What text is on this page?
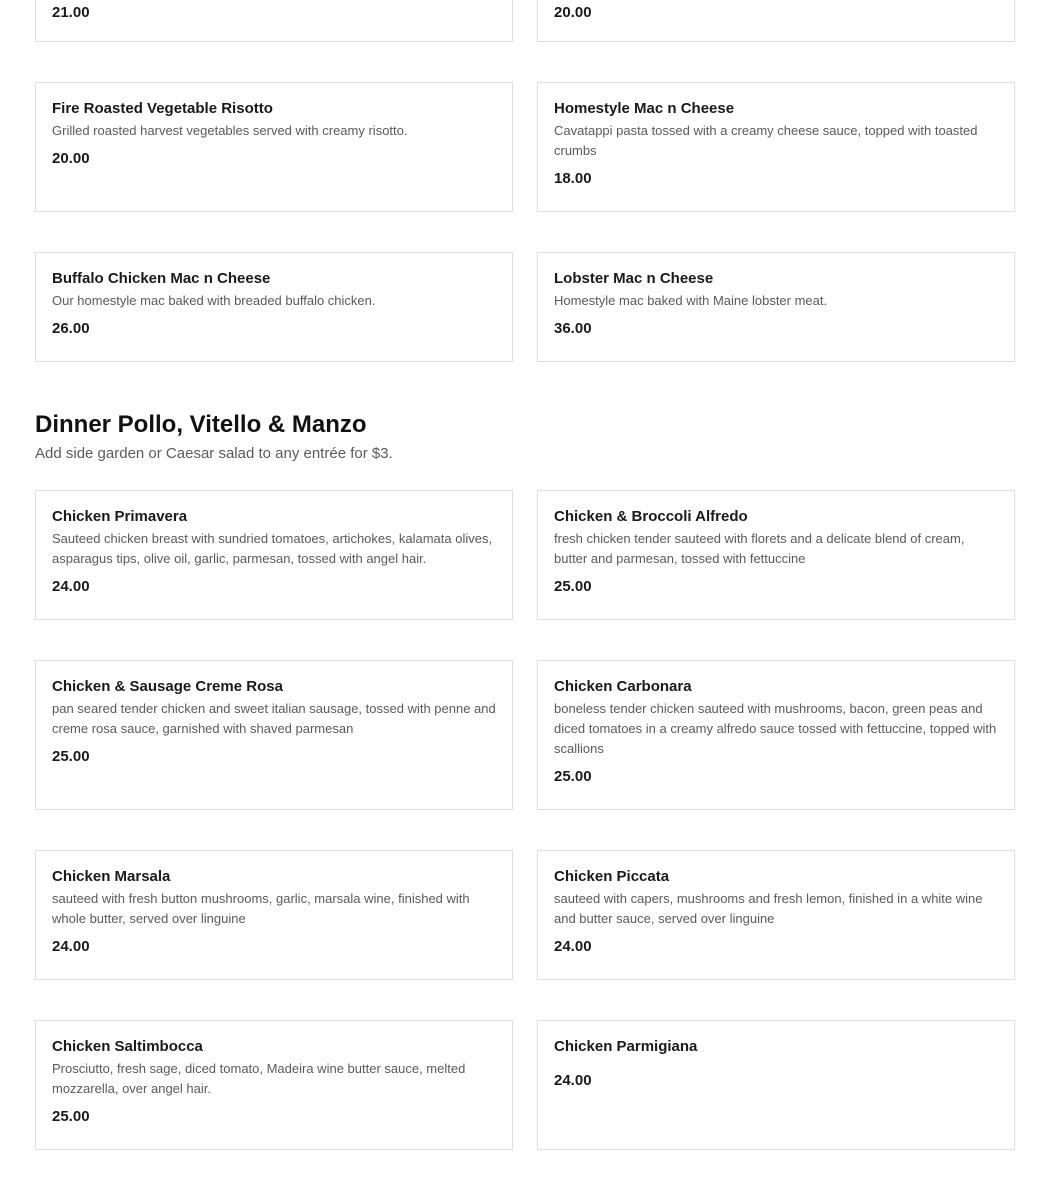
21.00	20.00
Fire Roasted Vegetable Risotto
Grilled roasted harvest vegetables served with creamy risotto.
20.00
Homestyle Mac n Cheese
Cavatappi pasta tossed with a creamy cheese sauce, topped with toasted crumbs
18.00
Buffalo Chicken Mac n Cheese
Our homestyle mac baked with breaded buffalo chicken.
26.00
Lobster Mac n Cheese
Homestyle mac baked with Maine lobster meat.
36.00
Dinner Pollo, Vitello & Manzo

Add side garden or Caesar salad to any entrée for $3.

Chicken Primavera
Sauteed chicken breast with sundried tomatoes, artichokes, kalamata olives, asparagus tips, olive oil, garlic, parmesan, tossed with angel hair.
24.00
Chicken & Broccoli Alfredo
fresh chicken tender sauteed with florets and a delicate blend of cream, butter and parmesan, tossed with fettuccine
25.00
Chicken & Sausage Creme Rosa
pan seared tender chicken and sweet italian sausage, tossed with penne and creme rosa sauce, garnished with shaved parmesan
25.00
Chicken Carbonara
boneless tender chicken sauteed with mushrooms, bacon, green peas and diced tomatoes in a creamy alfredo sauce tossed with fettuccine, topped with scallions
25.00
Chicken Marsala
sauteed with fresh button mushrooms, garlic, marsala wine, finished with whole butter, served over linguine
24.00
Chicken Piccata
sauteed with capers, mushrooms and fresh lemon, finished in a white wine and butter sauce, served over linguine
24.00
Chicken Saltimbocca
Prosciutto, fresh sage, diced tomato, Madeira wine butter sauce, melted mozzarella, over angel hair.
25.00
Chicken Parmigiana
24.00
